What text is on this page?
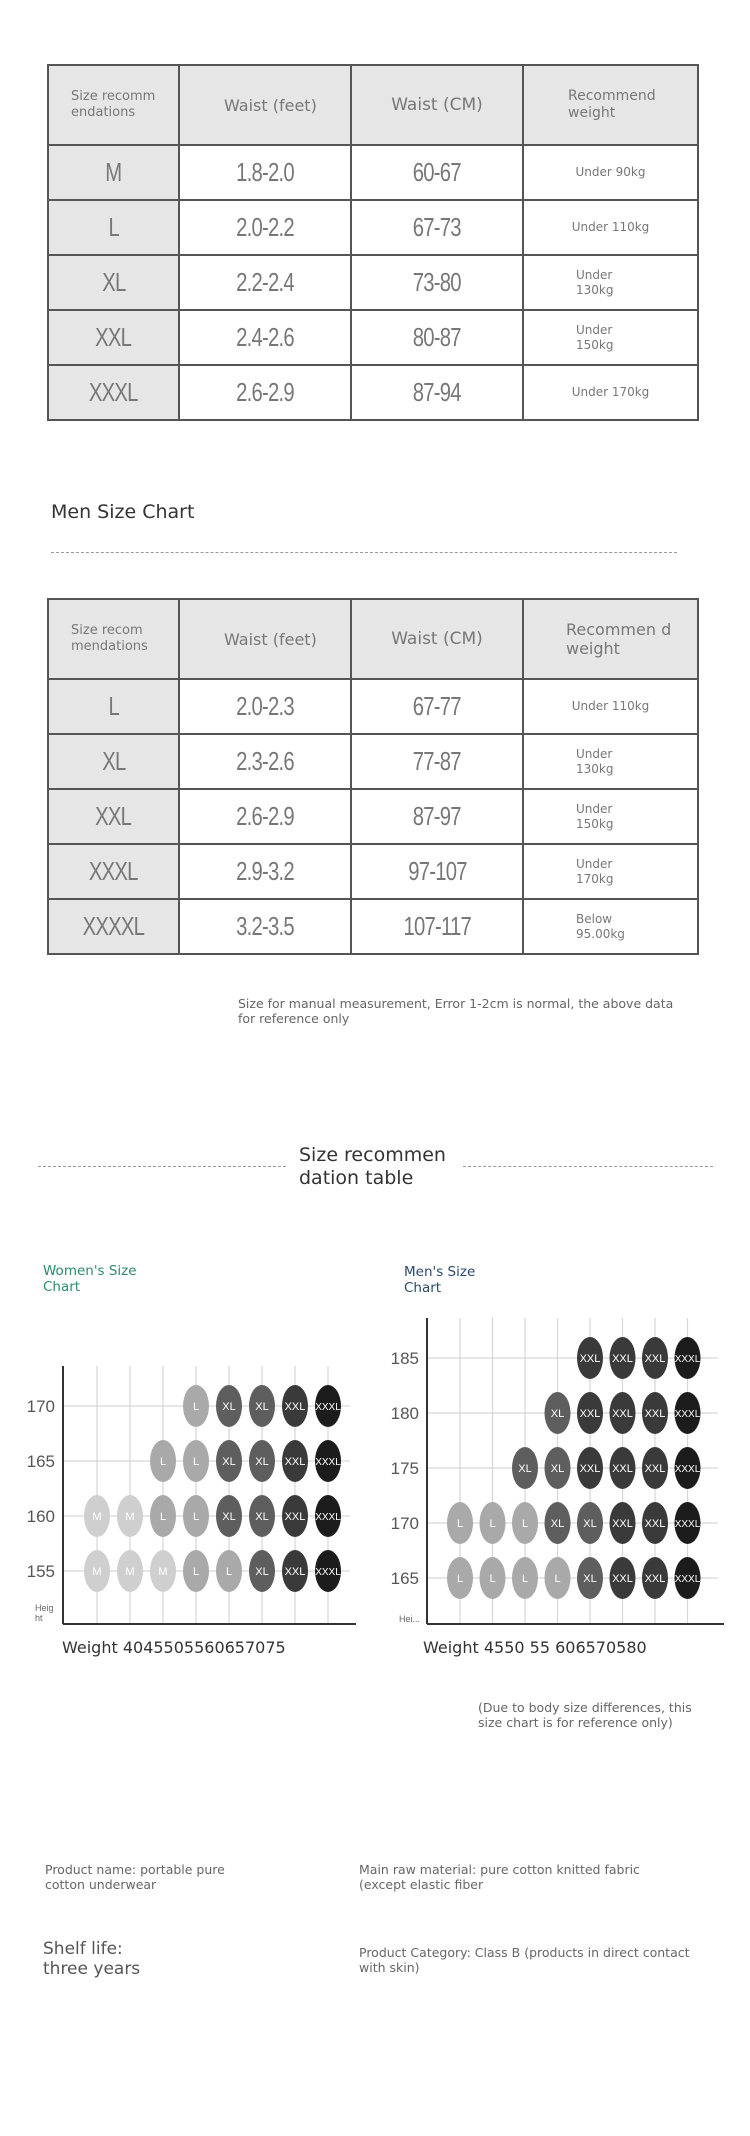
Size recomm endations	Waist (feet)	Waist (CM)	Recommend weight
M	1.8-2.0	60-67	Under 90kg
L	2.0-2.2	67-73	Under 110kg
XL	2.2-2.4	73-80	Under 130kg
XXL	2.4-2.6	80-87	Under 150kg
XXXL	2.6-2.9	87-94	Under 170kg
Men Size Chart
Size recom mendations	Waist (feet)	Waist (CM)	Recommen d weight
L	2.0-2.3	67-77	Under 110kg
XL	2.3-2.6	77-87	Under 130kg
XXL	2.6-2.9	87-97	Under 150kg
XXXL	2.9-3.2	97-107	Under 170kg
XXXXL	3.2-3.5	107-117	Below 95.00kg
Size for manual measurement, Error 1-2cm is normal, the above data for reference only
Size recommen
dation table
Women's Size Chart
170
165
160
155
Heig ht
L XL XL XXL XXXL
L L XL XL XXL XXXL
M M L L XL XL XXL XXXL
M M M L L XL XXL XXXL
Weight 4045505560657075
Men's Size Chart
185
180
175
170
165
Hei...
XXL XXL XXL XXXL
XL XXL XXL XXL XXXL
XL XL XXL XXL XXL XXXL
L L L XL XL XXL XXL XXXL
L L L L XL XXL XXL XXXL
Weight 4550 55 606570580
(Due to body size differences, this size chart is for reference only)
Product name: portable pure cotton underwear
Main raw material: pure cotton knitted fabric (except elastic fiber
Shelf life:
three years
Product Category: Class B (products in direct contact with skin)
